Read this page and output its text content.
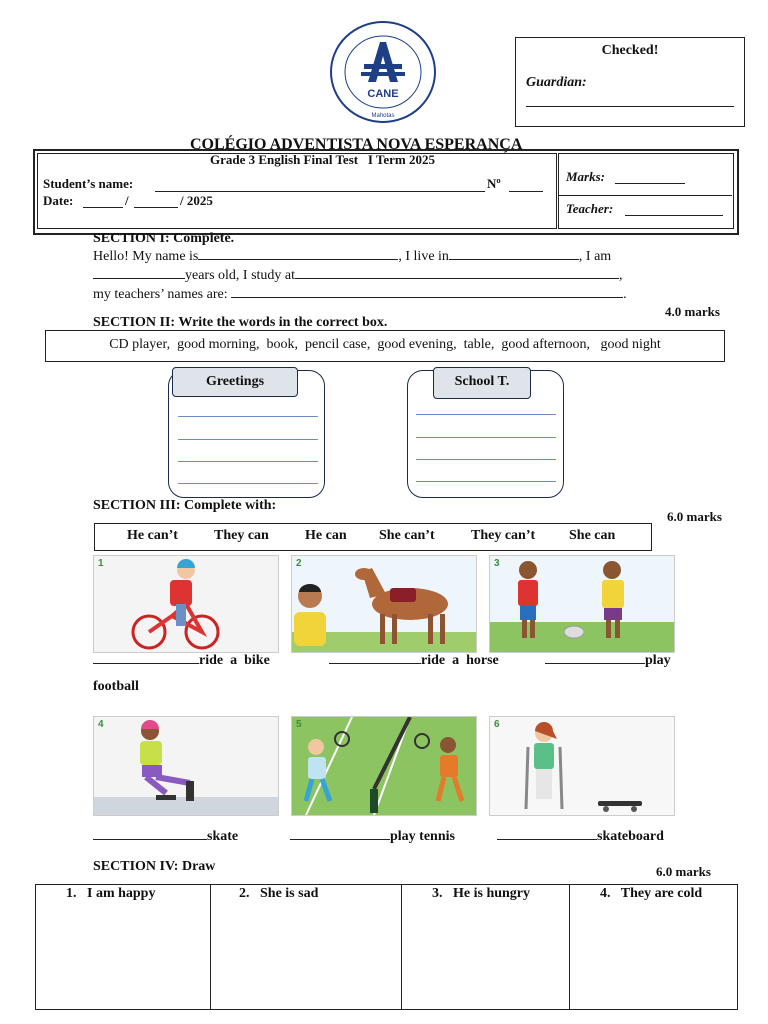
CANE
Mahotas
Checked!
Guardian:
COLÉGIO ADVENTISTA NOVA ESPERANÇA
Grade 3 English Final Test   I Term 2025
Student’s name:	Nº
Date:	/	/ 2025
Marks:
Teacher:
SECTION I: Complete.
Hello! My name is	, I live in	, I am
years old, I study at	,
my teachers’ names are:	.
4.0 marks
SECTION II: Write the words in the correct box.
CD player,  good morning,  book,  pencil case,  good evening,  table,  good afternoon,   good night
Greetings	School T.
SECTION III: Complete with:
6.0 marks
He can’t	They can	He can She can’t	They can’t She can
1	2	3
ride  a  bike	ride  a  horse	play
football
4	5	6
skate	play tennis	skateboard
SECTION IV: Draw	6.0 marks
1.   I am happy	2.   She is sad	3.   He is hungry	4.   They are cold
